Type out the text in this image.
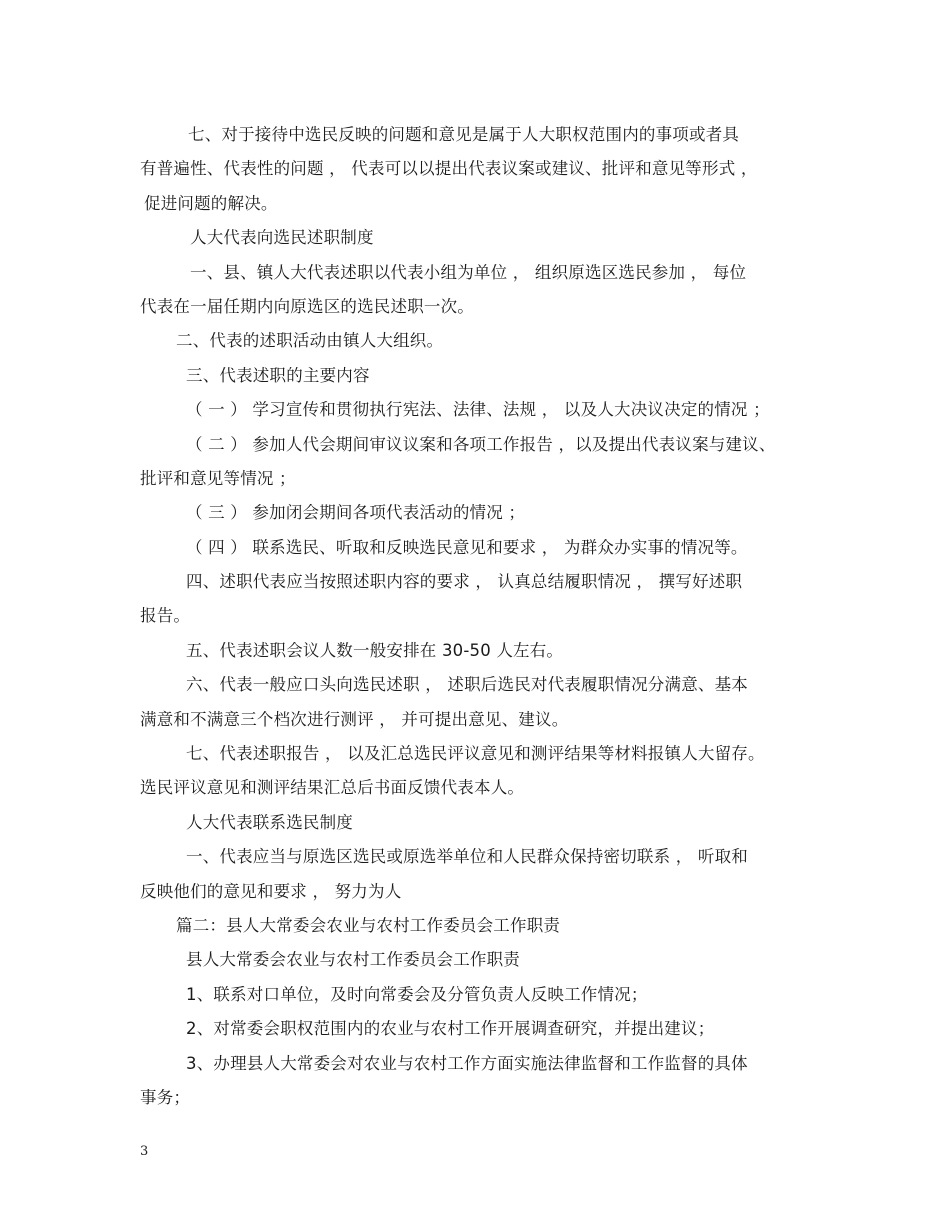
七、对于接待中选民反映的问题和意见是属于人大职权范围内的事项或者具
有普遍性、代表性的问题 ， 代表可以以提出代表议案或建议、批评和意见等形式 ，
促进问题的解决。
人大代表向选民述职制度
一、县、镇人大代表述职以代表小组为单位 ， 组织原选区选民参加 ， 每位
代表在一届任期内向原选区的选民述职一次。
二、代表的述职活动由镇人大组织。
三、代表述职的主要内容
（ 一 ） 学习宣传和贯彻执行宪法、法律、法规 ， 以及人大决议决定的情况 ；
（ 二 ） 参加人代会期间审议议案和各项工作报告 ，以及提出代表议案与建议、
批评和意见等情况 ；
（ 三 ） 参加闭会期间各项代表活动的情况 ；
（ 四 ） 联系选民、听取和反映选民意见和要求 ， 为群众办实事的情况等。
四、述职代表应当按照述职内容的要求 ， 认真总结履职情况 ， 撰写好述职
报告。
五、代表述职会议人数一般安排在 30-50 人左右。
六、代表一般应口头向选民述职 ， 述职后选民对代表履职情况分满意、基本
满意和不满意三个档次进行测评 ， 并可提出意见、建议。
七、代表述职报告 ， 以及汇总选民评议意见和测评结果等材料报镇人大留存。
选民评议意见和测评结果汇总后书面反馈代表本人。
人大代表联系选民制度
一、代表应当与原选区选民或原选举单位和人民群众保持密切联系 ， 听取和
反映他们的意见和要求 ， 努力为人
篇二：县人大常委会农业与农村工作委员会工作职责
县人大常委会农业与农村工作委员会工作职责
1、联系对口单位，及时向常委会及分管负责人反映工作情况；
2、对常委会职权范围内的农业与农村工作开展调查研究，并提出建议；
3、办理县人大常委会对农业与农村工作方面实施法律监督和工作监督的具体
事务；
3
